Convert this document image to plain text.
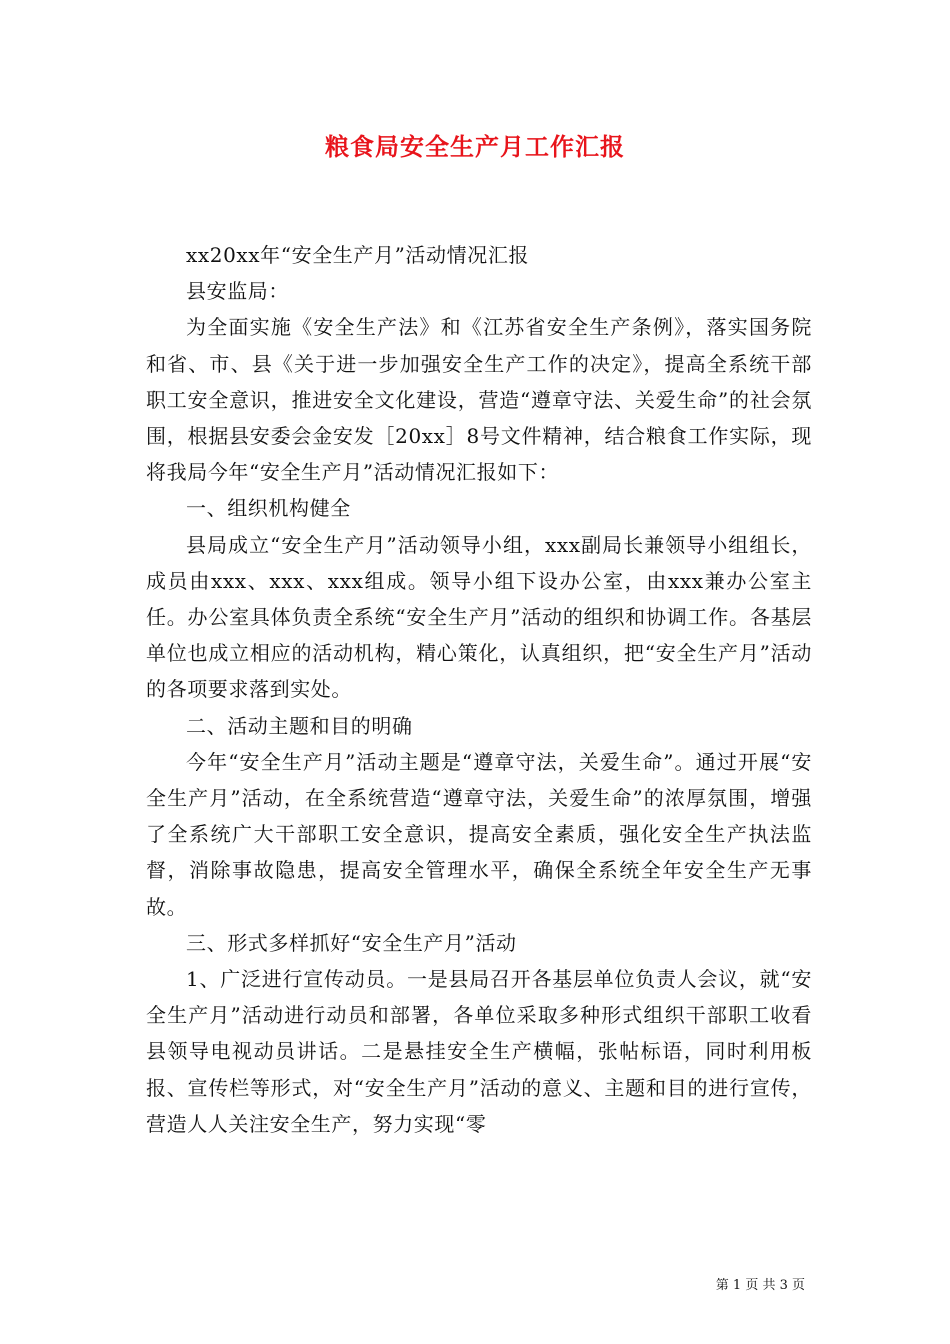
粮食局安全生产月工作汇报

xx20xx年“安全生产月”活动情况汇报

县安监局：

为全面实施《安全生产法》和《江苏省安全生产条例》，落实国务院和省、市、县《关于进一步加强安全生产工作的决定》，提高全系统干部职工安全意识，推进安全文化建设，营造“遵章守法、关爱生命”的社会氛围，根据县安委会金安发［20xx］8号文件精神，结合粮食工作实际，现将我局今年“安全生产月”活动情况汇报如下：

一、组织机构健全

县局成立“安全生产月”活动领导小组，xxx副局长兼领导小组组长，成员由xxx、xxx、xxx组成。领导小组下设办公室，由xxx兼办公室主任。办公室具体负责全系统“安全生产月”活动的组织和协调工作。各基层单位也成立相应的活动机构，精心策化，认真组织，把“安全生产月”活动的各项要求落到实处。

二、活动主题和目的明确

今年“安全生产月”活动主题是“遵章守法，关爱生命”。通过开展“安全生产月”活动，在全系统营造“遵章守法，关爱生命”的浓厚氛围，增强了全系统广大干部职工安全意识，提高安全素质，强化安全生产执法监督，消除事故隐患，提高安全管理水平，确保全系统全年安全生产无事故。

三、形式多样抓好“安全生产月”活动

1、广泛进行宣传动员。一是县局召开各基层单位负责人会议，就“安全生产月”活动进行动员和部署，各单位采取多种形式组织干部职工收看县领导电视动员讲话。二是悬挂安全生产横幅，张帖标语，同时利用板报、宣传栏等形式，对“安全生产月”活动的意义、主题和目的进行宣传，营造人人关注安全生产，努力实现“零

第 1 页 共 3 页
